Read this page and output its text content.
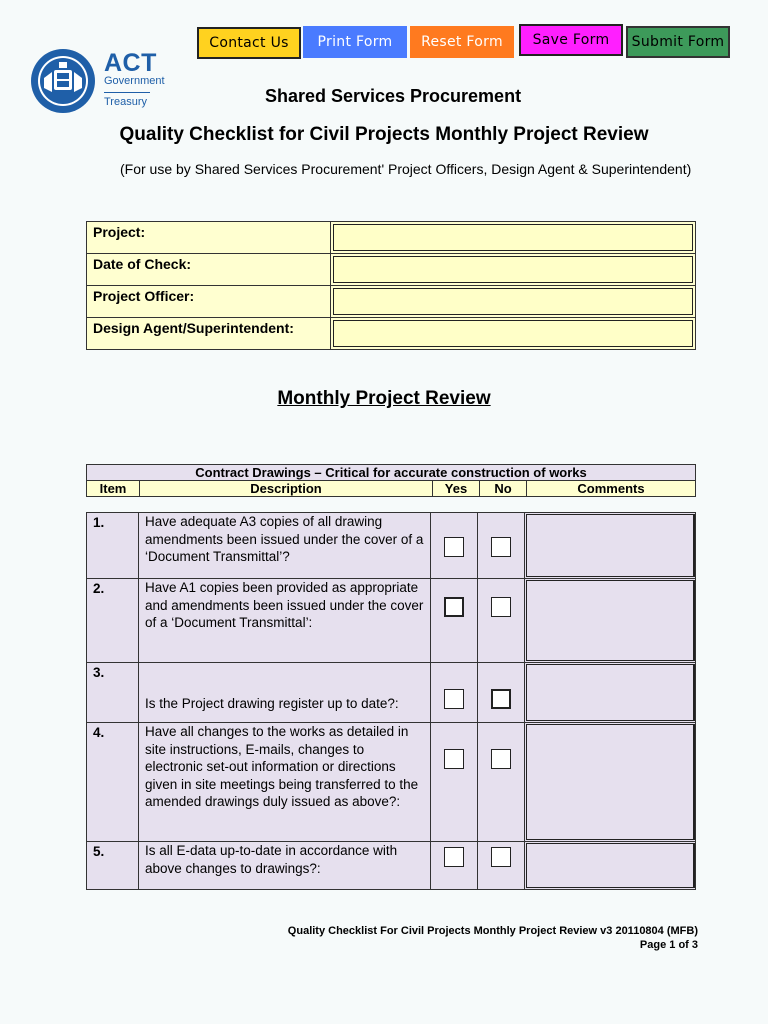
Contact Us	Print Form	Reset Form	Save Form	Submit Form
ACT
Government
Treasury	Shared Services Procurement
Quality Checklist for Civil Projects Monthly Project Review
(For use by Shared Services Procurement' Project Officers, Design Agent & Superintendent)
Project:	

Date of Check:	

Project Officer:	

Design Agent/Superintendent:	
Monthly Project Review
Contract Drawings – Critical for accurate construction of works
Item	Description	Yes	No	Comments
1.	Have adequate A3 copies of all drawing amendments been issued under the cover of a ‘Document Transmittal’?	

2.	Have A1 copies been provided as appropriate and amendments been issued under the cover of a ‘Document Transmittal’:	

3.	Is the Project drawing register up to date?:	

4.	Have all changes to the works as detailed in site instructions, E-mails, changes to electronic set-out information or directions given in site meetings being transferred to the amended drawings duly issued as above?:	

5.	Is all E-data up-to-date in accordance with above changes to drawings?:	

Quality Checklist For Civil Projects Monthly Project Review v3 20110804 (MFB)
Page 1 of 3
